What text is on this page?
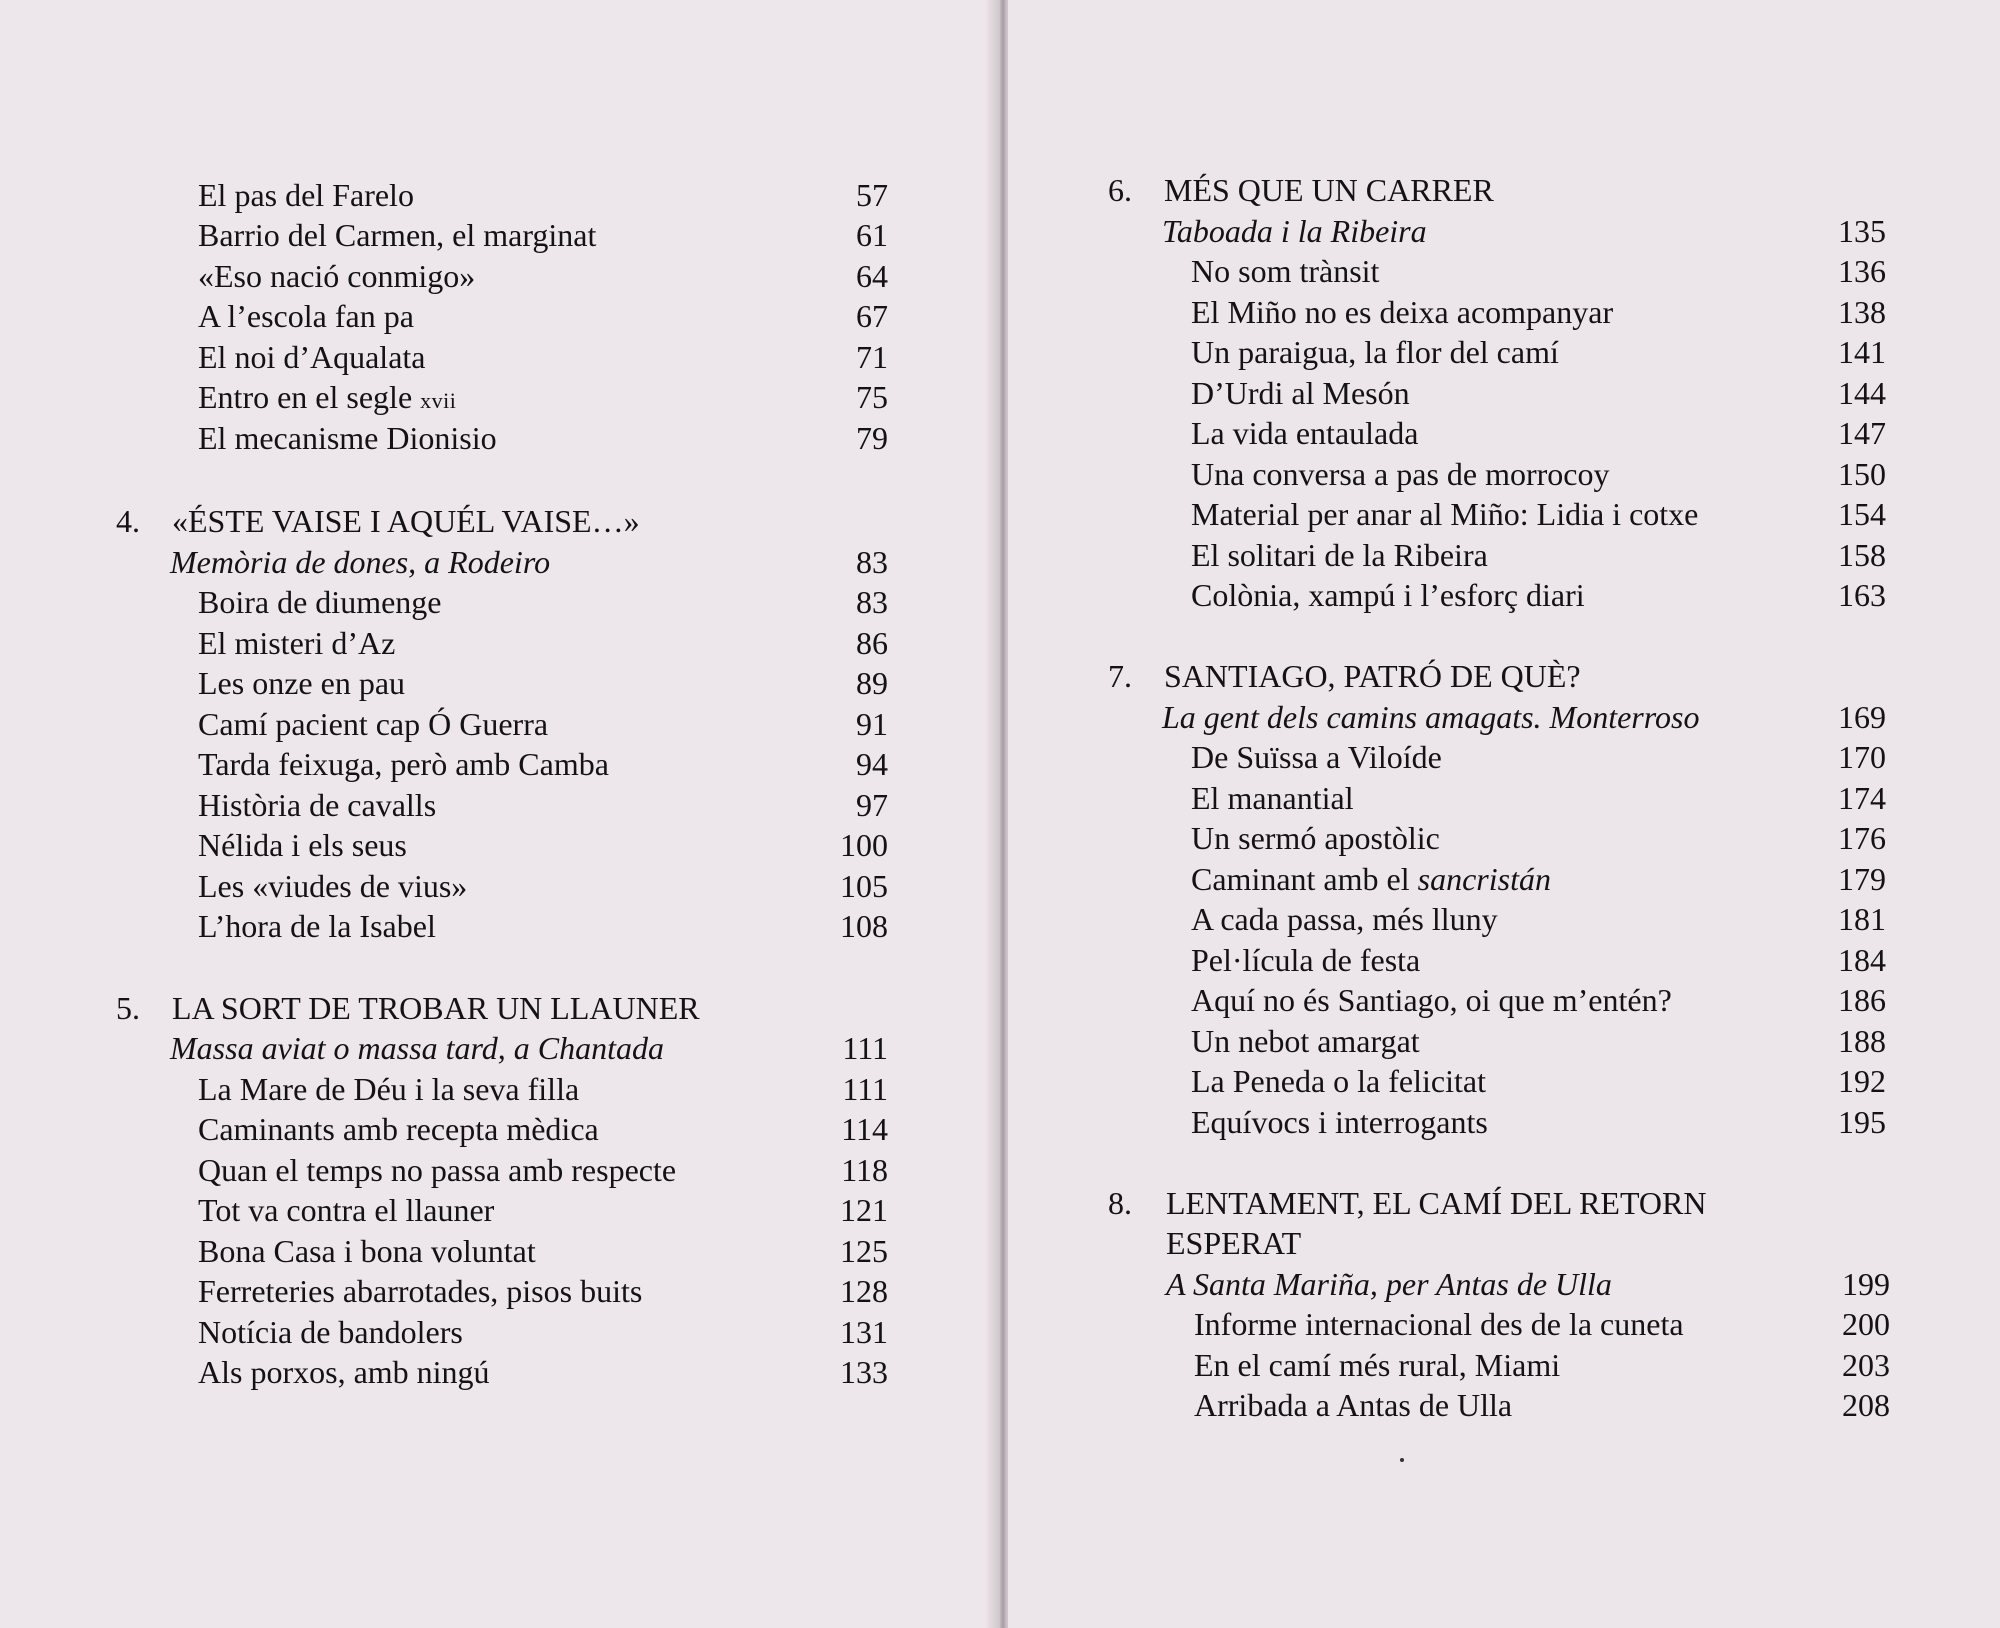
El pas del Farelo	57
Barrio del Carmen, el marginat	61
«Eso nació conmigo»	64
A l’escola fan pa	67
El noi d’Aqualata	71
Entro en el segle xvii	75
El mecanisme Dionisio	79
4. «ÉSTE VAISE I AQUÉL VAISE…»
Memòria de dones, a Rodeiro	83
Boira de diumenge	83
El misteri d’Az	86
Les onze en pau	89
Camí pacient cap Ó Guerra	91
Tarda feixuga, però amb Camba	94
Història de cavalls	97
Nélida i els seus	100
Les «viudes de vius»	105
L’hora de la Isabel	108
5. LA SORT DE TROBAR UN LLAUNER
Massa aviat o massa tard, a Chantada	111
La Mare de Déu i la seva filla	111
Caminants amb recepta mèdica	114
Quan el temps no passa amb respecte	118
Tot va contra el llauner	121
Bona Casa i bona voluntat	125
Ferreteries abarrotades, pisos buits	128
Notícia de bandolers	131
Als porxos, amb ningú	133
6. MÉS QUE UN CARRER
Taboada i la Ribeira	135
No som trànsit	136
El Miño no es deixa acompanyar	138
Un paraigua, la flor del camí	141
D’Urdi al Mesón	144
La vida entaulada	147
Una conversa a pas de morrocoy	150
Material per anar al Miño: Lidia i cotxe	154
El solitari de la Ribeira	158
Colònia, xampú i l’esforç diari	163
7. SANTIAGO, PATRÓ DE QUÈ?
La gent dels camins amagats. Monterroso	169
De Suïssa a Viloíde	170
El manantial	174
Un sermó apostòlic	176
Caminant amb el sancristán	179
A cada passa, més lluny	181
Pel·lícula de festa	184
Aquí no és Santiago, oi que m’entén?	186
Un nebot amargat	188
La Peneda o la felicitat	192
Equívocs i interrogants	195
8. LENTAMENT, EL CAMÍ DEL RETORN
ESPERAT
A Santa Mariña, per Antas de Ulla	199
Informe internacional des de la cuneta	200
En el camí més rural, Miami	203
Arribada a Antas de Ulla	208
